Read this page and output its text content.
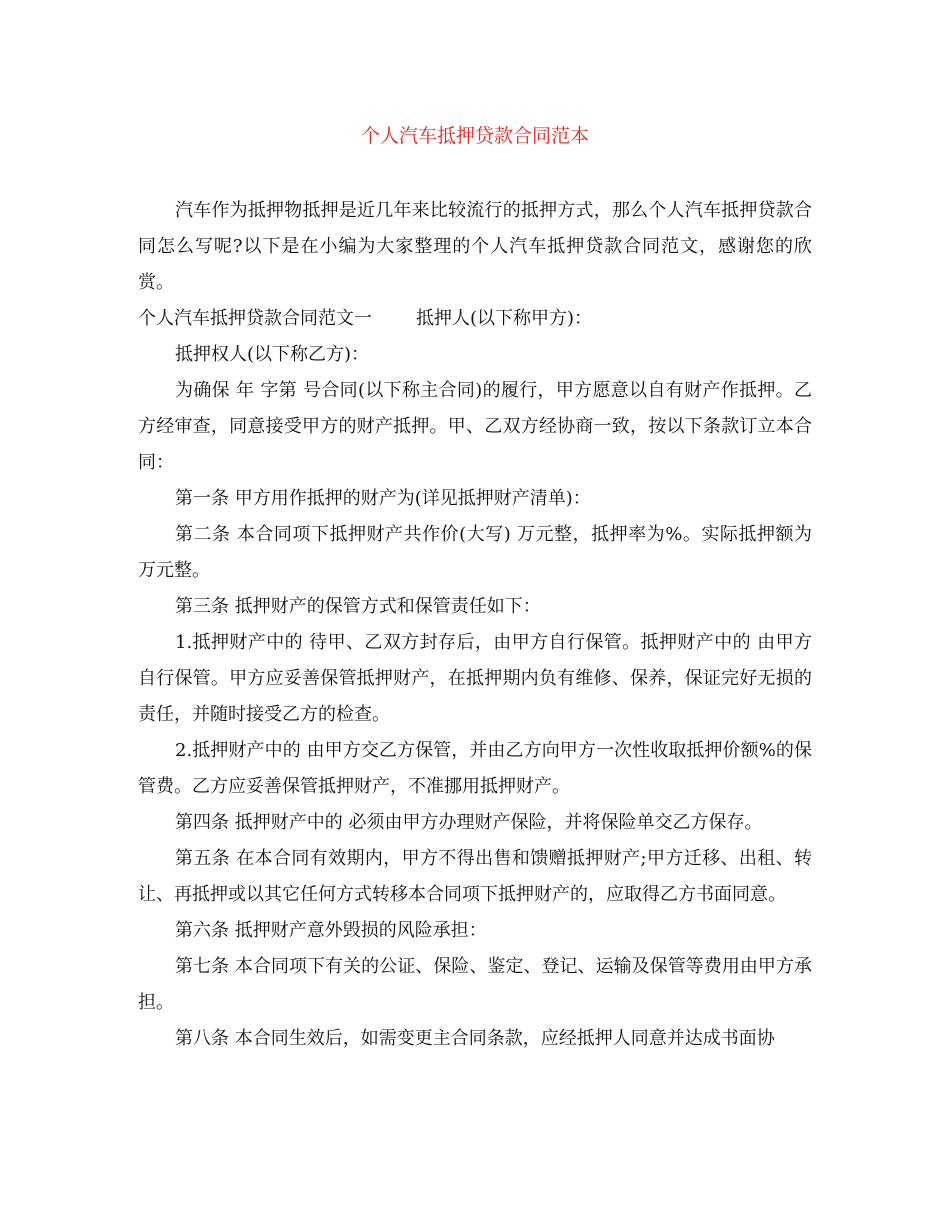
个人汽车抵押贷款合同范本

汽车作为抵押物抵押是近几年来比较流行的抵押方式，那么个人汽车抵押贷款合同怎么写呢?以下是在小编为大家整理的个人汽车抵押贷款合同范文，感谢您的欣赏。

个人汽车抵押贷款合同范文一 抵押人(以下称甲方)：

抵押权人(以下称乙方)：

为确保 年 字第 号合同(以下称主合同)的履行，甲方愿意以自有财产作抵押。乙方经审查，同意接受甲方的财产抵押。甲、乙双方经协商一致，按以下条款订立本合同：

第一条 甲方用作抵押的财产为(详见抵押财产清单)：

第二条 本合同项下抵押财产共作价(大写) 万元整，抵押率为%。实际抵押额为 万元整。

第三条 抵押财产的保管方式和保管责任如下：

1.抵押财产中的 待甲、乙双方封存后，由甲方自行保管。抵押财产中的 由甲方自行保管。甲方应妥善保管抵押财产，在抵押期内负有维修、保养，保证完好无损的责任，并随时接受乙方的检查。

2.抵押财产中的 由甲方交乙方保管，并由乙方向甲方一次性收取抵押价额%的保管费。乙方应妥善保管抵押财产，不准挪用抵押财产。

第四条 抵押财产中的 必须由甲方办理财产保险，并将保险单交乙方保存。

第五条 在本合同有效期内，甲方不得出售和馈赠抵押财产;甲方迁移、出租、转让、再抵押或以其它任何方式转移本合同项下抵押财产的，应取得乙方书面同意。

第六条 抵押财产意外毁损的风险承担：

第七条 本合同项下有关的公证、保险、鉴定、登记、运输及保管等费用由甲方承担。

第八条 本合同生效后，如需变更主合同条款，应经抵押人同意并达成书面协
